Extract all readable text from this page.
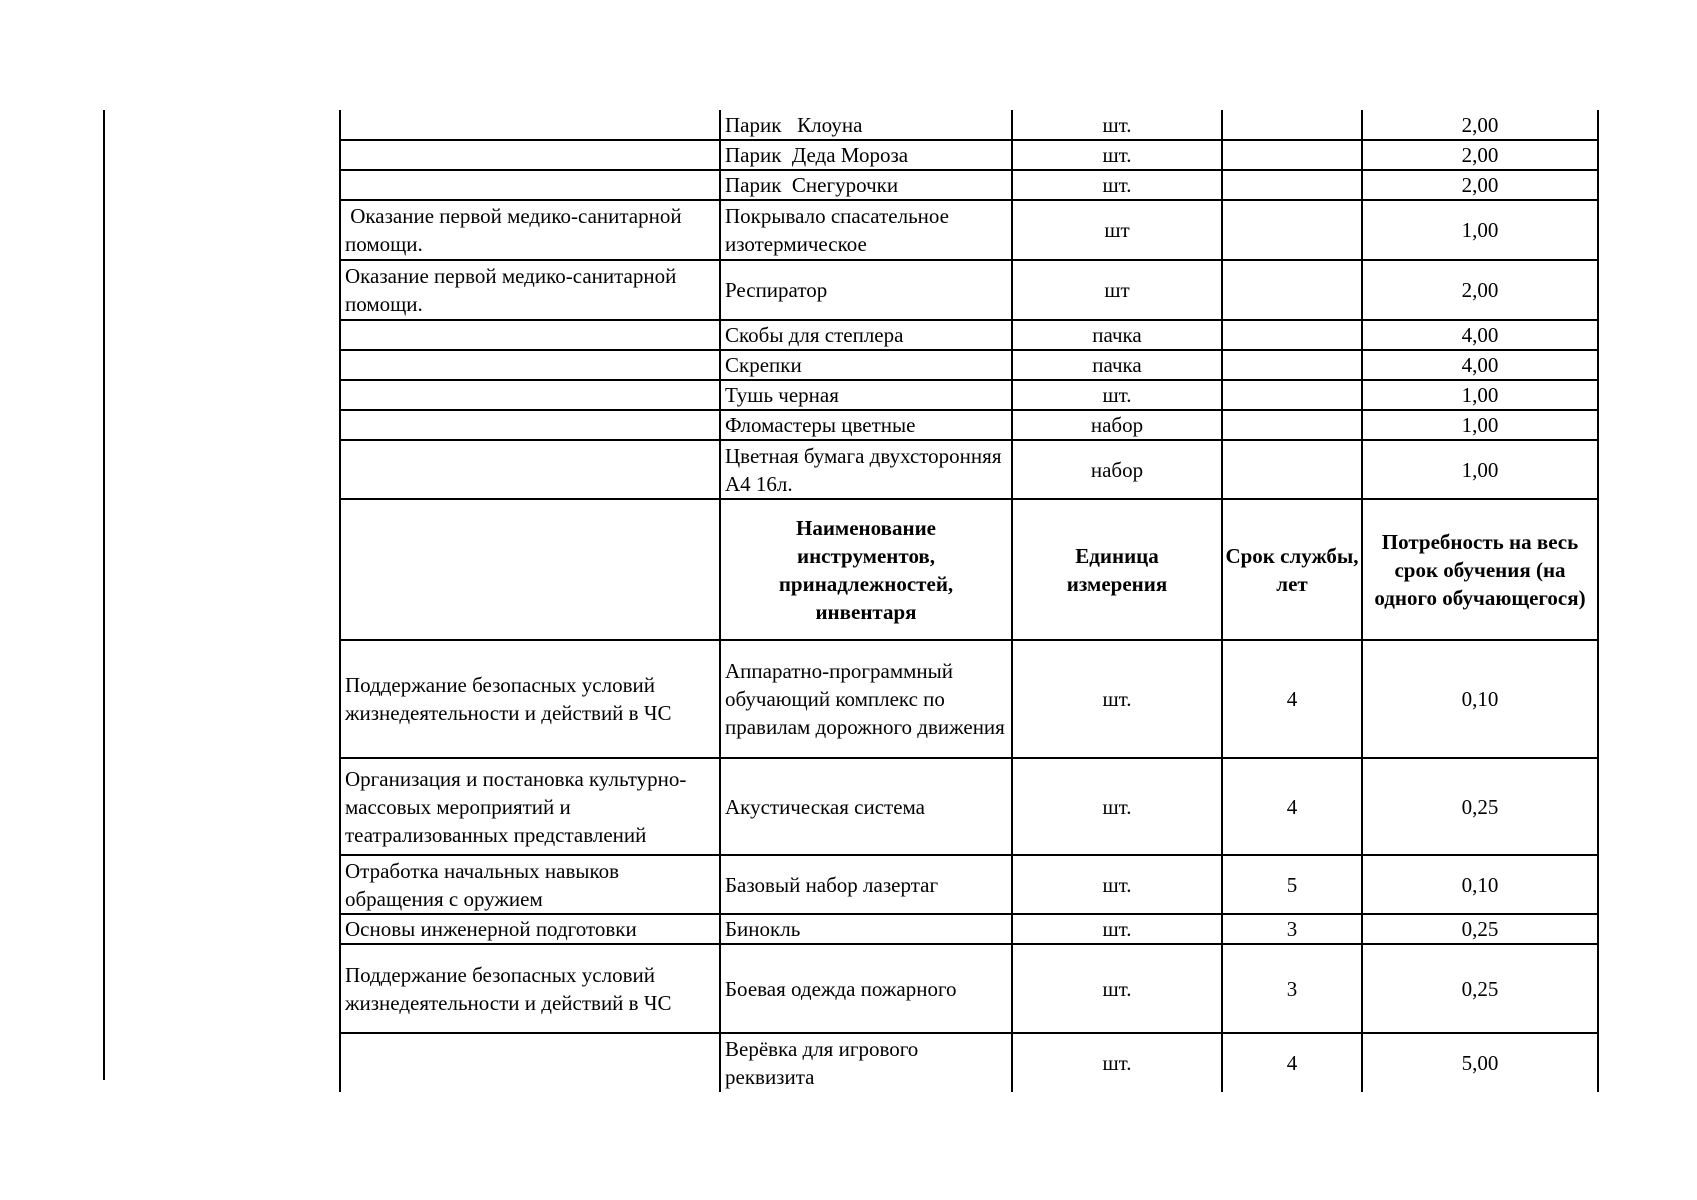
	Парик   Клоуна	шт.		2,00
	Парик  Деда Мороза	шт.		2,00
	Парик  Снегурочки	шт.		2,00
Оказание первой медико-санитарной помощи.	Покрывало спасательное изотермическое	шт		1,00
Оказание первой медико-санитарной помощи.	Респиратор	шт		2,00
	Скобы для степлера	пачка		4,00
	Скрепки	пачка		4,00
	Тушь черная	шт.		1,00
	Фломастеры цветные	набор		1,00
	Цветная бумага двухсторонняя А4 16л.	набор		1,00
	Наименование инструментов, принадлежностей, инвентаря	Единица измерения	Срок службы, лет	Потребность на весь срок обучения (на одного обучающегося)
Поддержание безопасных условий жизнедеятельности и действий в ЧС	Аппаратно-программный обучающий комплекс по правилам дорожного движения	шт.	4	0,10
Организация и постановка культурно-массовых мероприятий и театрализованных представлений	Акустическая система	шт.	4	0,25
Отработка начальных навыков обращения с оружием	Базовый набор лазертаг	шт.	5	0,10
Основы инженерной подготовки	Бинокль	шт.	3	0,25
Поддержание безопасных условий жизнедеятельности и действий в ЧС	Боевая одежда пожарного	шт.	3	0,25
	Верёвка для игрового реквизита	шт.	4	5,00
